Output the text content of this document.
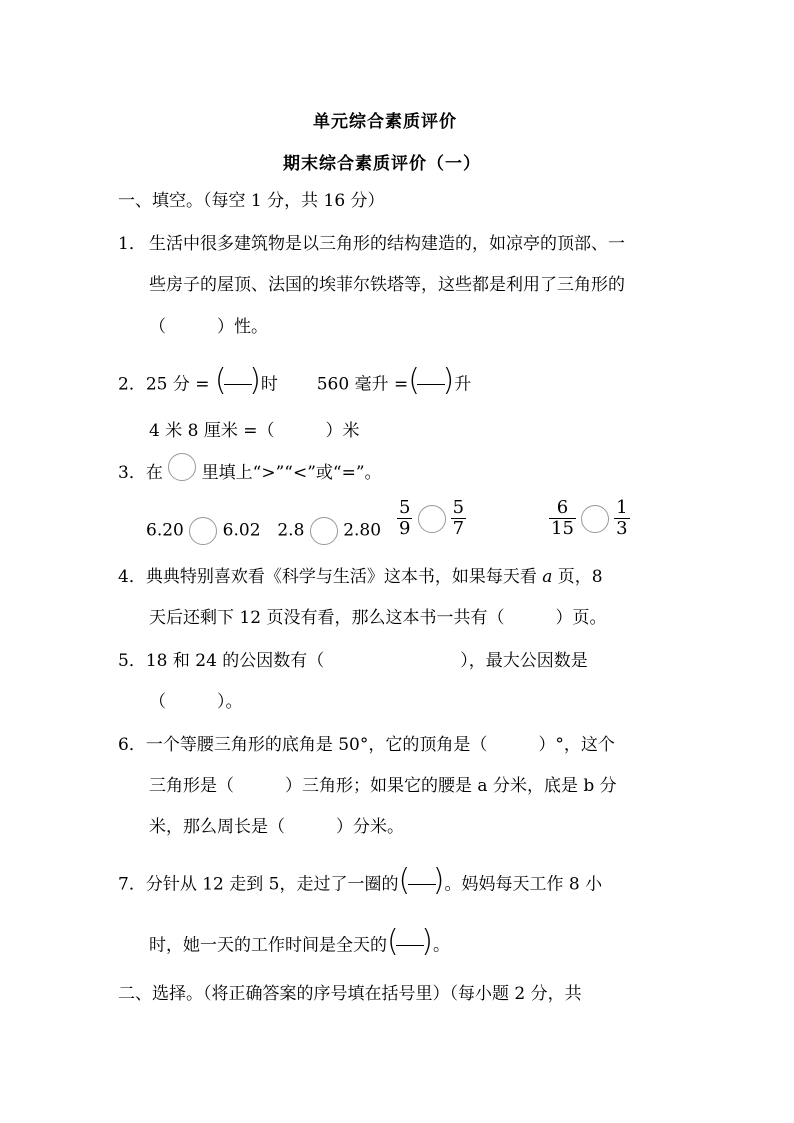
单元综合素质评价
期末综合素质评价（一）
一、填空。（每空 1 分，共 16 分）
1． 生活中很多建筑物是以三角形的结构建造的，如凉亭的顶部、一
些房子的屋顶、法国的埃菲尔铁塔等，这些都是利用了三角形的
（　　　）性。
2．25 分 = ( ) 时 560 毫升 = ( ) 升
4 米 8 厘米 =（　　　）米
3．在 里填上“>”“<”或“=”。
6.20 6.02 2.8 $2.80 \frac{5}{9}$
$\frac{5}{7}$	$\frac{6}{15}$
$\frac{1}{3}$
4．典典特别喜欢看《科学与生活》这本书，如果每天看 a 页，8
天后还剩下 12 页没有看，那么这本书一共有（　　　）页。
5．18 和 24 的公因数有（　　　　　　　　），最大公因数是
（　　　）。
6．一个等腰三角形的底角是 50°，它的顶角是（　　　）°，这个
三角形是（　　　）三角形；如果它的腰是 a 分米，底是 b 分
米，那么周长是（　　　）分米。
7．分针从 12 走到 5，走过了一圈的 ( ) 。妈妈每天工作 8 小
时，她一天的工作时间是全天的 ( ) 。
二、选择。（将正确答案的序号填在括号里）（每小题 2 分，共
